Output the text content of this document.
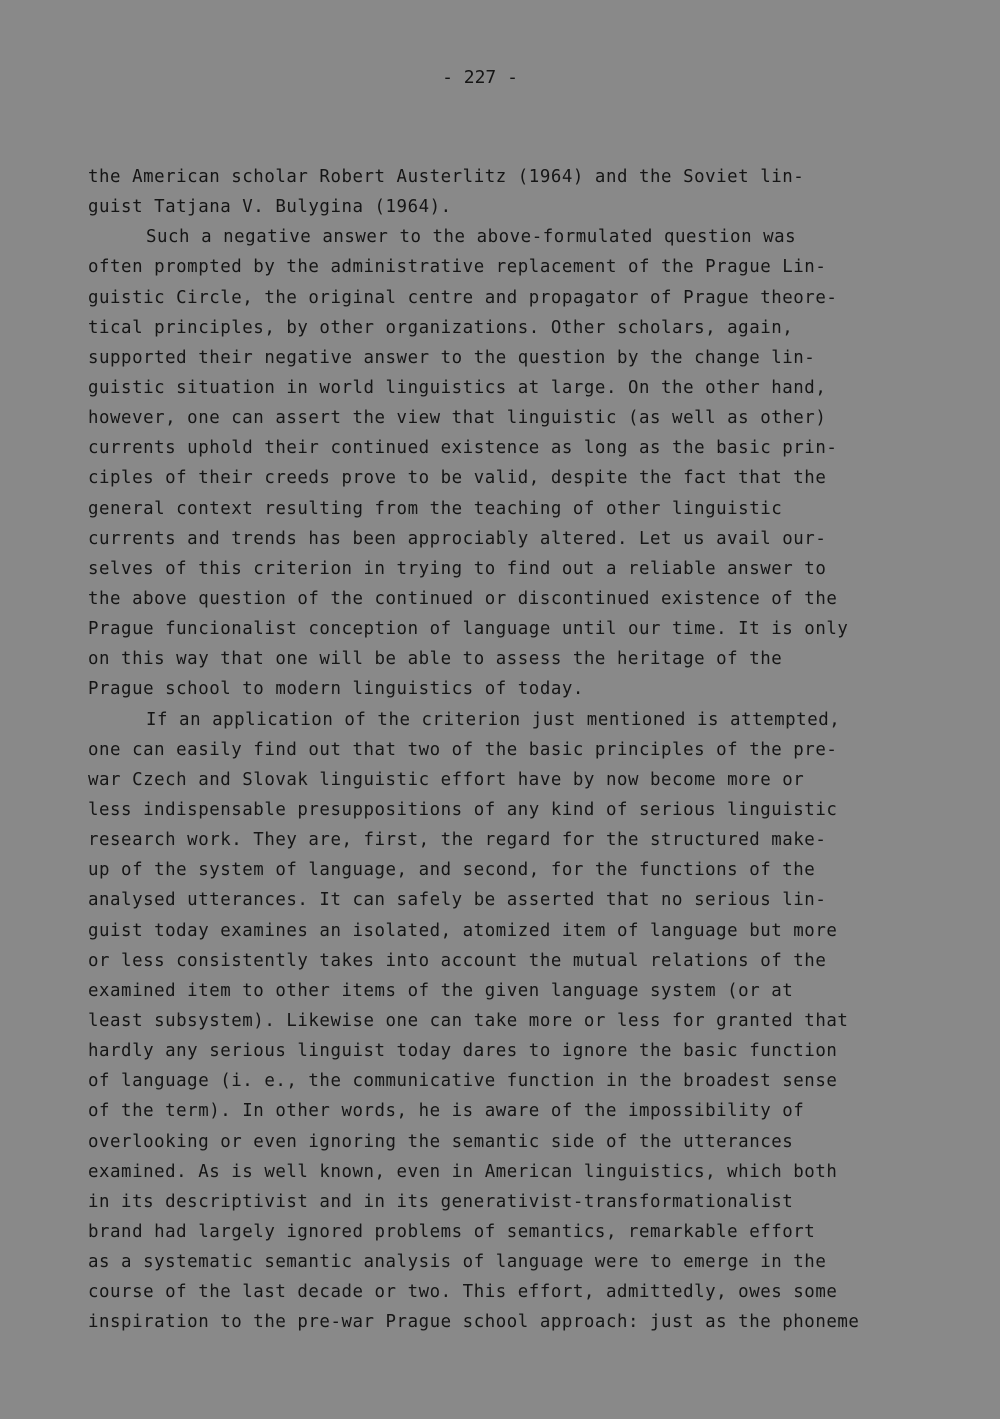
- 227 -
the American scholar Robert Austerlitz (1964) and the Soviet lin-
guist Tatjana V. Bulygina (1964).
Such a negative answer to the above-formulated question was
often prompted by the administrative replacement of the Prague Lin-
guistic Circle, the original centre and propagator of Prague theore-
tical principles, by other organizations. Other scholars, again,
supported their negative answer to the question by the change lin-
guistic situation in world linguistics at large. On the other hand,
however, one can assert the view that linguistic (as well as other)
currents uphold their continued existence as long as the basic prin-
ciples of their creeds prove to be valid, despite the fact that the
general context resulting from the teaching of other linguistic
currents and trends has been approciably altered. Let us avail our-
selves of this criterion in trying to find out a reliable answer to
the above question of the continued or discontinued existence of the
Prague funcionalist conception of language until our time. It is only
on this way that one will be able to assess the heritage of the
Prague school to modern linguistics of today.
If an application of the criterion just mentioned is attempted,
one can easily find out that two of the basic principles of the pre-
war Czech and Slovak linguistic effort have by now become more or
less indispensable presuppositions of any kind of serious linguistic
research work. They are, first, the regard for the structured make-
up of the system of language, and second, for the functions of the
analysed utterances. It can safely be asserted that no serious lin-
guist today examines an isolated, atomized item of language but more
or less consistently takes into account the mutual relations of the
examined item to other items of the given language system (or at
least subsystem). Likewise one can take more or less for granted that
hardly any serious linguist today dares to ignore the basic function
of language (i. e., the communicative function in the broadest sense
of the term). In other words, he is aware of the impossibility of
overlooking or even ignoring the semantic side of the utterances
examined. As is well known, even in American linguistics, which both
in its descriptivist and in its generativist-transformationalist
brand had largely ignored problems of semantics, remarkable effort
as a systematic semantic analysis of language were to emerge in the
course of the last decade or two. This effort, admittedly, owes some
inspiration to the pre-war Prague school approach: just as the phoneme
